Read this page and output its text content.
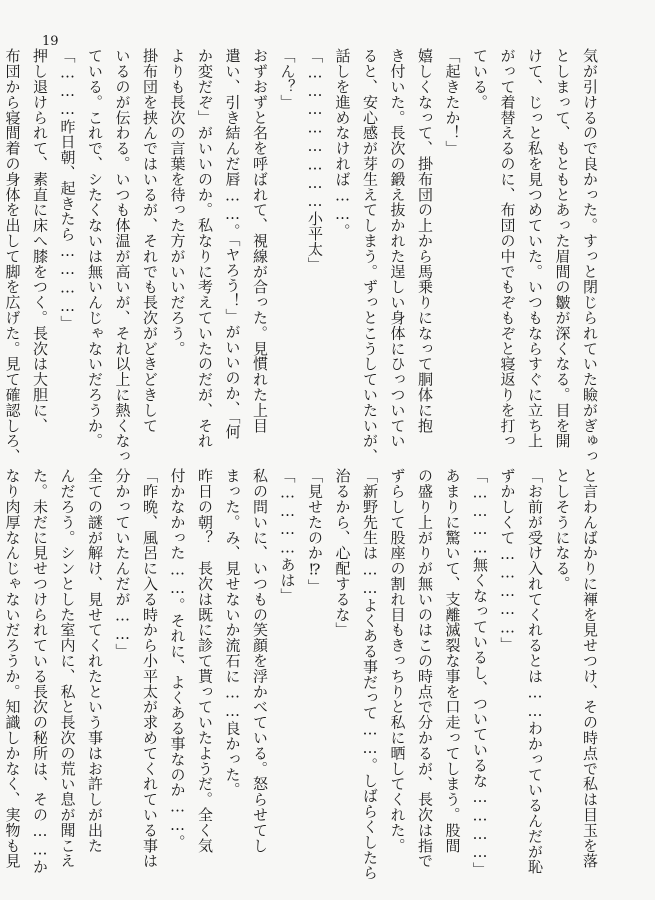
19
気が引けるので良かった。すっと閉じられていた瞼がぎゅっ
としまって、もともとあった眉間の皺が深くなる。目を開
けて、じっと私を見つめていた。いつもならすぐに立ち上
がって着替えるのに、布団の中でもぞもぞと寝返りを打っ
ている。
「起きたか！」
嬉しくなって、掛布団の上から馬乗りになって胴体に抱
き付いた。長次の鍛え抜かれた逞しい身体にひっついてい
ると、安心感が芽生えてしまう。ずっとこうしていたいが、
話しを進めなければ……。
「……………………小平太」
「ん？」
おずおずと名を呼ばれて、視線が合った。見慣れた上目
遣い、引き結んだ唇……。「ヤろう！」がいいのか、「何
か変だぞ」がいいのか。私なりに考えていたのだが、それ
よりも長次の言葉を待った方がいいだろう。
掛布団を挟んではいるが、それでも長次がどきどきして
いるのが伝わる。いつも体温が高いが、それ以上に熱くなっ
ている。これで、シたくないは無いんじゃないだろうか。
「………昨日朝、起きたら…………」
押し退けられて、素直に床へ膝をつく。長次は大胆に、
布団から寝間着の身体を出して脚を広げた。見て確認しろ、
と言わんばかりに褌を見せつけ、その時点で私は目玉を落
としそうになる。
「お前が受け入れてくれるとは……わかっているんだが恥
ずかしくて……………」
「…………無くなっているし、ついているな…………」
あまりに驚いて、支離滅裂な事を口走ってしまう。股間
の盛り上がりが無いのはこの時点で分かるが、長次は指で
ずらして股座の割れ目もきっちりと私に晒してくれた。
「新野先生は……よくある事だって……。しばらくしたら
治るから、心配するな」
「見せたのか⁉」
「…………あは」
私の問いに、いつもの笑顔を浮かべている。怒らせてし
まった。み、見せないか流石に……良かった。
昨日の朝？　長次は既に診て貰っていたようだ。全く気
付かなかった……。それに、よくある事なのか……。
「昨晩、風呂に入る時から小平太が求めてくれている事は
分かっていたんだが……」
全ての謎が解け、見せてくれたという事はお許しが出た
んだろう。シンとした室内に、私と長次の荒い息が聞こえ
た。未だに見せつけられている長次の秘所は、その……か
なり肉厚なんじゃないだろうか。知識しかなく、実物も見
